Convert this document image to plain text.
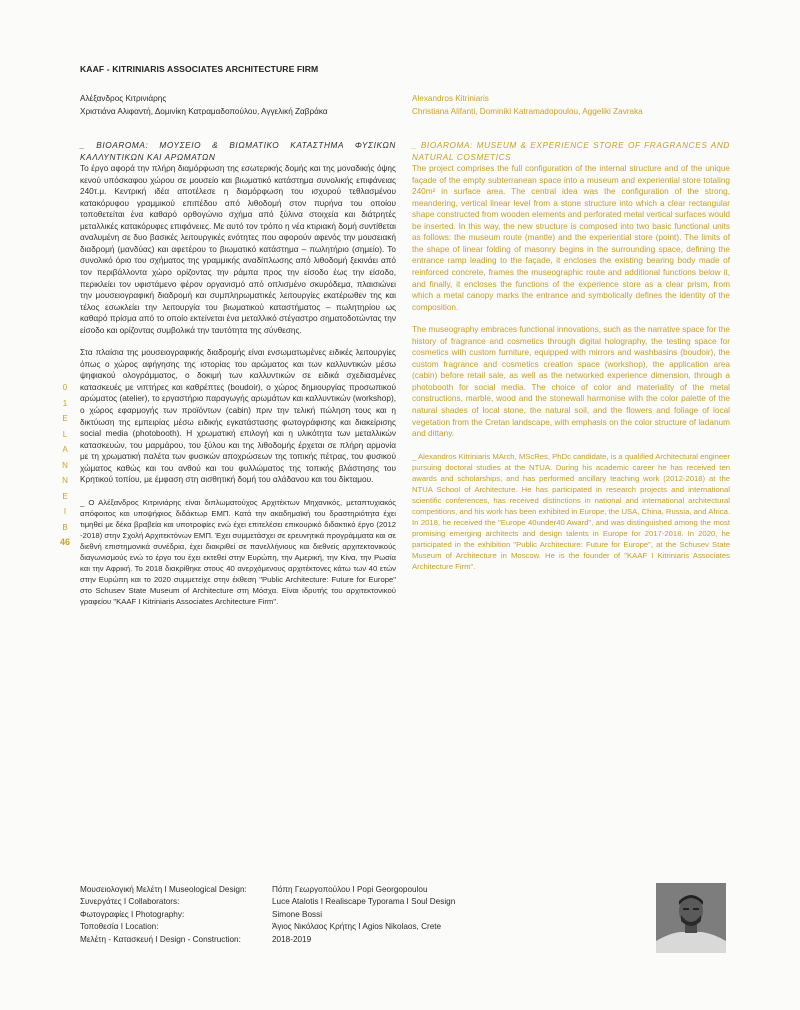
KAAF - KITRINIARIS ASSOCIATES ARCHITECTURE FIRM
Αλέξανδρος Κιτρινιάρης
Χριστιάνα Αλιφαντή, Δομινίκη Κατραμαδοπούλου, Αγγελική Ζαβράκα
Alexandros Kitriniaris
Christiana Alifanti, Dominiki Katramadopoulou, Aggeliki Zavraka

_ BIOAROMA: ΜΟΥΣΕΙΟ & ΒΙΩΜΑΤΙΚΟ ΚΑΤΑΣΤΗΜΑ ΦΥΣΙΚΩΝ ΚΑΛΛΥΝΤΙΚΩΝ ΚΑΙ ΑΡΩΜΑΤΩΝ

Το έργο αφορά την πλήρη διαμόρφωση της εσωτερικής δομής και της μοναδικής όψης κενού υπόσκαφου χώρου σε μουσείο και βιωματικό κατάστημα συνολικής επιφάνειας 240τ.μ. Κεντρική ιδέα αποτέλεσε η διαμόρφωση του ισχυρού τεθλασμένου κατακόρυφου γραμμικού επιπέδου από λιθοδομή στον πυρήνα του οποίου τοποθετείται ένα καθαρό ορθογώνιο σχήμα από ξύλινα στοιχεία και διάτρητές μεταλλικές κατακόρυφες επιφάνειες. Με αυτό τον τρόπο η νέα κτιριακή δομή συντίθεται αναλυμένη σε δυο βασικές λειτουργικές ενότητες που αφορούν αφενός την μουσειακή διαδρομή (μανδύας) και αφετέρου το βιωματικό κατάστημα – πωλητήριο (σημείο). Το συνολικό όριο του σχήματος της γραμμικής αναδίπλωσης από λιθοδομή ξεκινάει από τον περιβάλλοντα χώρο ορίζοντας την ράμπα προς την είσοδο έως την είσοδο, περικλείει τον υφιστάμενο φέρον οργανισμό από οπλισμένο σκυρόδεμα, πλαισιώνει την μουσειογραφική διαδρομή και συμπληρωματικές λειτουργίες εκατέρωθεν της και τέλος εσωκλείει την λειτουργία του βιωματικού καταστήματος – πωλητηρίου ως καθαρό πρίσμα από το οποίο εκτείνεται ένα μεταλλικό στέγαστρο σηματοδοτώντας την είσοδο και ορίζοντας συμβολικά την ταυτότητα της σύνθεσης.

Στα πλαίσια της μουσειογραφικής διαδρομής είναι ενσωματωμένες ειδικές λειτουργίες όπως ο χώρος αφήγησης της ιστορίας του αρώματος και των καλλυντικών μέσω ψηφιακού ολογράμματος, ο δοκιμή των καλλυντικών σε ειδικά σχεδιασμένες κατασκευές με νιπτήρες και καθρέπτες (boudoir), ο χώρος δημιουργίας προσωπικού αρώματος (atelier), το εργαστήριο παραγωγής αρωμάτων και καλλυντικών (workshop), ο χώρος εφαρμογής των προϊόντων (cabin) πριν την τελική πώληση τους και η δικτύωση της εμπειρίας μέσω ειδικής εγκατάστασης φωτογράφισης και διακείρισης social media (photobooth). Η χρωματική επιλογή και η υλικότητα των μεταλλικών κατασκευών, του μαρμάρου, του ξύλου και της λιθοδομής έρχεται σε πλήρη αρμονία με τη χρωματική παλέτα των φυσικών αποχρώσεων της τοπικής πέτρας, του φυσικού χώματος καθώς και του ανθού και του φυλλώματος της τοπικής βλάστησης του Κρητικού τοπίου, με έμφαση στη αισθητική δομή του αλάδανου και του δίκταμου.

_ Ο Αλέξανδρος Κιτρινιάρης είναι διπλωματούχος Αρχιτέκτων Μηχανικός, μεταπτυχιακός απόφοιτος και υποψήφιος διδάκτωρ ΕΜΠ. Κατά την ακαδημαϊκή του δραστηριότητα έχει τιμηθεί με δέκα βραβεία και υποτροφίες ενώ έχει επιτελέσει επικουρικό διδακτικό έργο (2012 -2018) στην Σχολή Αρχιτεκτόνων ΕΜΠ. Έχει συμμετάσχει σε ερευνητικά προγράμματα και σε διεθνή επιστημονικά συνέδρια, έχει διακριθεί σε πανελλήνιους και διεθνείς αρχιτεκτονικούς διαγωνισμούς ενώ το έργο του έχει εκτεθεί στην Ευρώπη, την Αμερική, την Κίνα, την Ρωσία και την Αφρική. Το 2018 διακρίθηκε στους 40 ανερχόμενους αρχιτέκτονες κάτω των 40 ετών στην Ευρώπη και το 2020 συμμετείχε στην έκθεση "Public Architecture: Future for Europe" στο Schusev State Museum of Architecture στη Μόσχα. Είναι ιδρυτής του αρχιτεκτονικού γραφείου "KAAF I Kitriniaris Associates Architecture Firm".

_ BIOAROMA: MUSEUM & EXPERIENCE STORE OF FRAGRANCES AND NATURAL COSMETICS

The project comprises the full configuration of the internal structure and of the unique façade of the empty subterranean space into a museum and experiential store totaling 240m² in surface area. The central idea was the configuration of the strong, meandering, vertical linear level from a stone structure into which a clear rectangular shape constructed from wooden elements and perforated metal vertical surfaces would be inserted. In this way, the new structure is composed into two basic functional units as follows: the museum route (mantle) and the experiential store (point). The limits of the shape of linear folding of masonry begins in the surrounding space, defining the entrance ramp leading to the façade, it encloses the existing bearing body made of reinforced concrete, frames the museographic route and additional functions below it, and finally, it encloses the functions of the experience store as a clear prism, from which a metal canopy marks the entrance and symbolically defines the identity of the composition.

The museography embraces functional innovations, such as the narrative space for the history of fragrance and cosmetics through digital holography, the testing space for cosmetics with custom furniture, equipped with mirrors and washbasins (boudoir), the custom fragrance and cosmetics creation space (workshop), the application area (cabin) before retail sale, as well as the networked experience dimension, through a photobooth for social media. The choice of color and materiality of the metal constructions, marble, wood and the stonewall harmonise with the color palette of the natural shades of local stone, the natural soil, and the flowers and foliage of local vegetation from the Cretan landscape, with emphasis on the color structure of ladanum and dittany.

_ Alexandros Kitriniaris MArch, MScRes, PhDc candidate, is a qualified Architectural engineer pursuing doctoral studies at the NTUA. During his academic career he has received ten awards and scholarships, and has performed ancillary teaching work (2012-2018) at the NTUA School of Architecture. He has participated in research projects and international scientific conferences, has received distinctions in national and international architectural competitions, and his work has been exhibited in Europe, the USA, China, Russia, and Africa. In 2018, he received the "Europe 40under40 Award", and was distinguished among the most promising emerging architects and design talents in Europe for 2017-2018. In 2020, he participated in the exhibition "Public Architecture: Future for Europe", at the Schusev State Museum of Architecture in Moscow. He is the founder of "KAAF I Kitriniaris Associates Architecture Firm".

0
1
E
L
A
N
N
E
I
B
46
Μουσειολογική Μελέτη I Museological Design:	Πόπη Γεωργοπούλου I Popi Georgopoulou
Συνεργάτες I Collaborators:	Luce Ataloti​s I Realiscape Typorama I Soul Design
Φωτογραφίες I Photography:	Simone Bossi
Τοποθεσία I Location:	Άγιος Νικόλαος Κρήτης I Agios Nikolaos, Crete
Μελέτη - Κατασκευή I Design - Construction:	2018-2019
